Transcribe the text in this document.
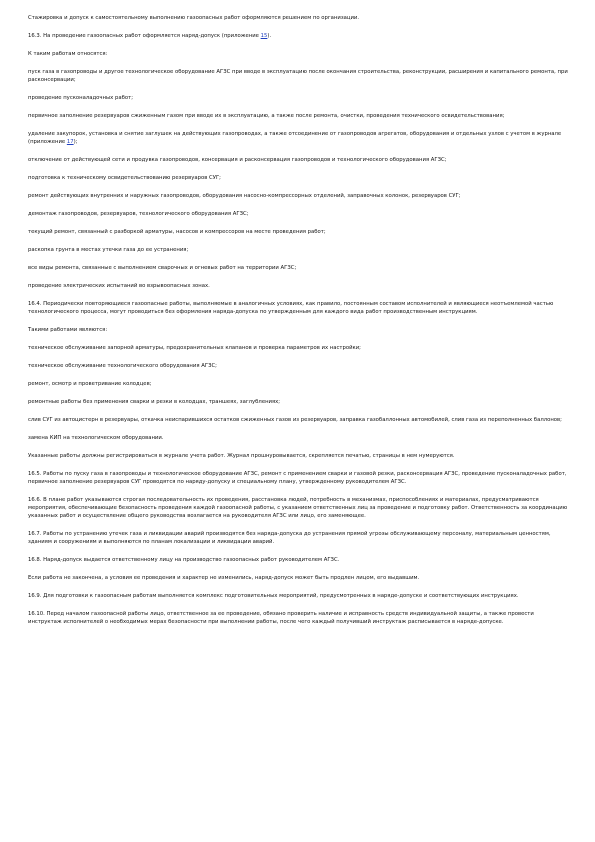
Стажировка и допуск к самостоятельному выполнению газоопасных работ оформляются решением по организации.

16.3. На проведение газоопасных работ оформляется наряд-допуск (приложение 15).

К таким работам относятся:

пуск газа в газопроводы и другое технологическое оборудование АГЗС при вводе в эксплуатацию после окончания строительства, реконструкции, расширения и капитального ремонта, при расконсервации;

проведение пусконаладочных работ;

первичное заполнение резервуаров сжиженным газом при вводе их в эксплуатацию, а также после ремонта, очистки, проведения технического освидетельствования;

удаление закупорок, установка и снятие заглушек на действующих газопроводах, а также отсоединение от газопроводов агрегатов, оборудования и отдельных узлов с учетом в журнале (приложение 17);

отключение от действующей сети и продувка газопроводов, консервация и расконсервация газопроводов и технологического оборудования АГЗС;

подготовка к техническому освидетельствованию резервуаров СУГ;

ремонт действующих внутренних и наружных газопроводов, оборудования насосно-компрессорных отделений, заправочных колонок, резервуаров СУГ;

демонтаж газопроводов, резервуаров, технологического оборудования АГЗС;

текущий ремонт, связанный с разборкой арматуры, насосов и компрессоров на месте проведения работ;

раскопка грунта в местах утечки газа до ее устранения;

все виды ремонта, связанные с выполнением сварочных и огневых работ на территории АГЗС;

проведение электрических испытаний во взрывоопасных зонах.

16.4. Периодически повторяющиеся газоопасные работы, выполняемые в аналогичных условиях, как правило, постоянным составом исполнителей и являющиеся неотъемлемой частью технологического процесса, могут проводиться без оформления наряда-допуска по утвержденным для каждого вида работ производственным инструкциям.

Такими работами являются:

техническое обслуживание запорной арматуры, предохранительных клапанов и проверка параметров их настройки;

техническое обслуживание технологического оборудования АГЗС;

ремонт, осмотр и проветривание колодцев;

ремонтные работы без применения сварки и резки в колодцах, траншеях, заглублениях;

слив СУГ из автоцистерн в резервуары, откачка неиспарившихся остатков сжиженных газов из резервуаров, заправка газобаллонных автомобилей, слив газа из переполненных баллонов;

замена КИП на технологическом оборудовании.

Указанные работы должны регистрироваться в журнале учета работ. Журнал прошнуровывается, скрепляется печатью, страницы в нем нумеруются.

16.5. Работы по пуску газа в газопроводы и технологическое оборудование АГЗС, ремонт с применением сварки и газовой резки, расконсервация АГЗС, проведение пусконаладочных работ, первичное заполнение резервуаров СУГ проводятся по наряду-допуску и специальному плану, утвержденному руководителем АГЗС.

16.6. В плане работ указываются строгая последовательность их проведения, расстановка людей, потребность в механизмах, приспособлениях и материалах, предусматриваются мероприятия, обеспечивающие безопасность проведения каждой газоопасной работы, с указанием ответственных лиц за проведение и подготовку работ. Ответственность за координацию указанных работ и осуществление общего руководства возлагается на руководителя АГЗС или лицо, его заменяющее.

16.7. Работы по устранению утечек газа и ликвидации аварий производятся без наряда-допуска до устранения прямой угрозы обслуживающему персоналу, материальным ценностям, зданиям и сооружениям и выполняются по планам локализации и ликвидации аварий.

16.8. Наряд-допуск выдается ответственному лицу на производство газоопасных работ руководителем АГЗС.

Если работа не закончена, а условия ее проведения и характер не изменились, наряд-допуск может быть продлен лицом, его выдавшим.

16.9. Для подготовки к газоопасным работам выполняется комплекс подготовительных мероприятий, предусмотренных в наряде-допуске и соответствующих инструкциях.

16.10. Перед началом газоопасной работы лицо, ответственное за ее проведение, обязано проверить наличие и исправность средств индивидуальной защиты, а также провести инструктаж исполнителей о необходимых мерах безопасности при выполнении работы, после чего каждый получивший инструктаж расписывается в наряде-допуске.
